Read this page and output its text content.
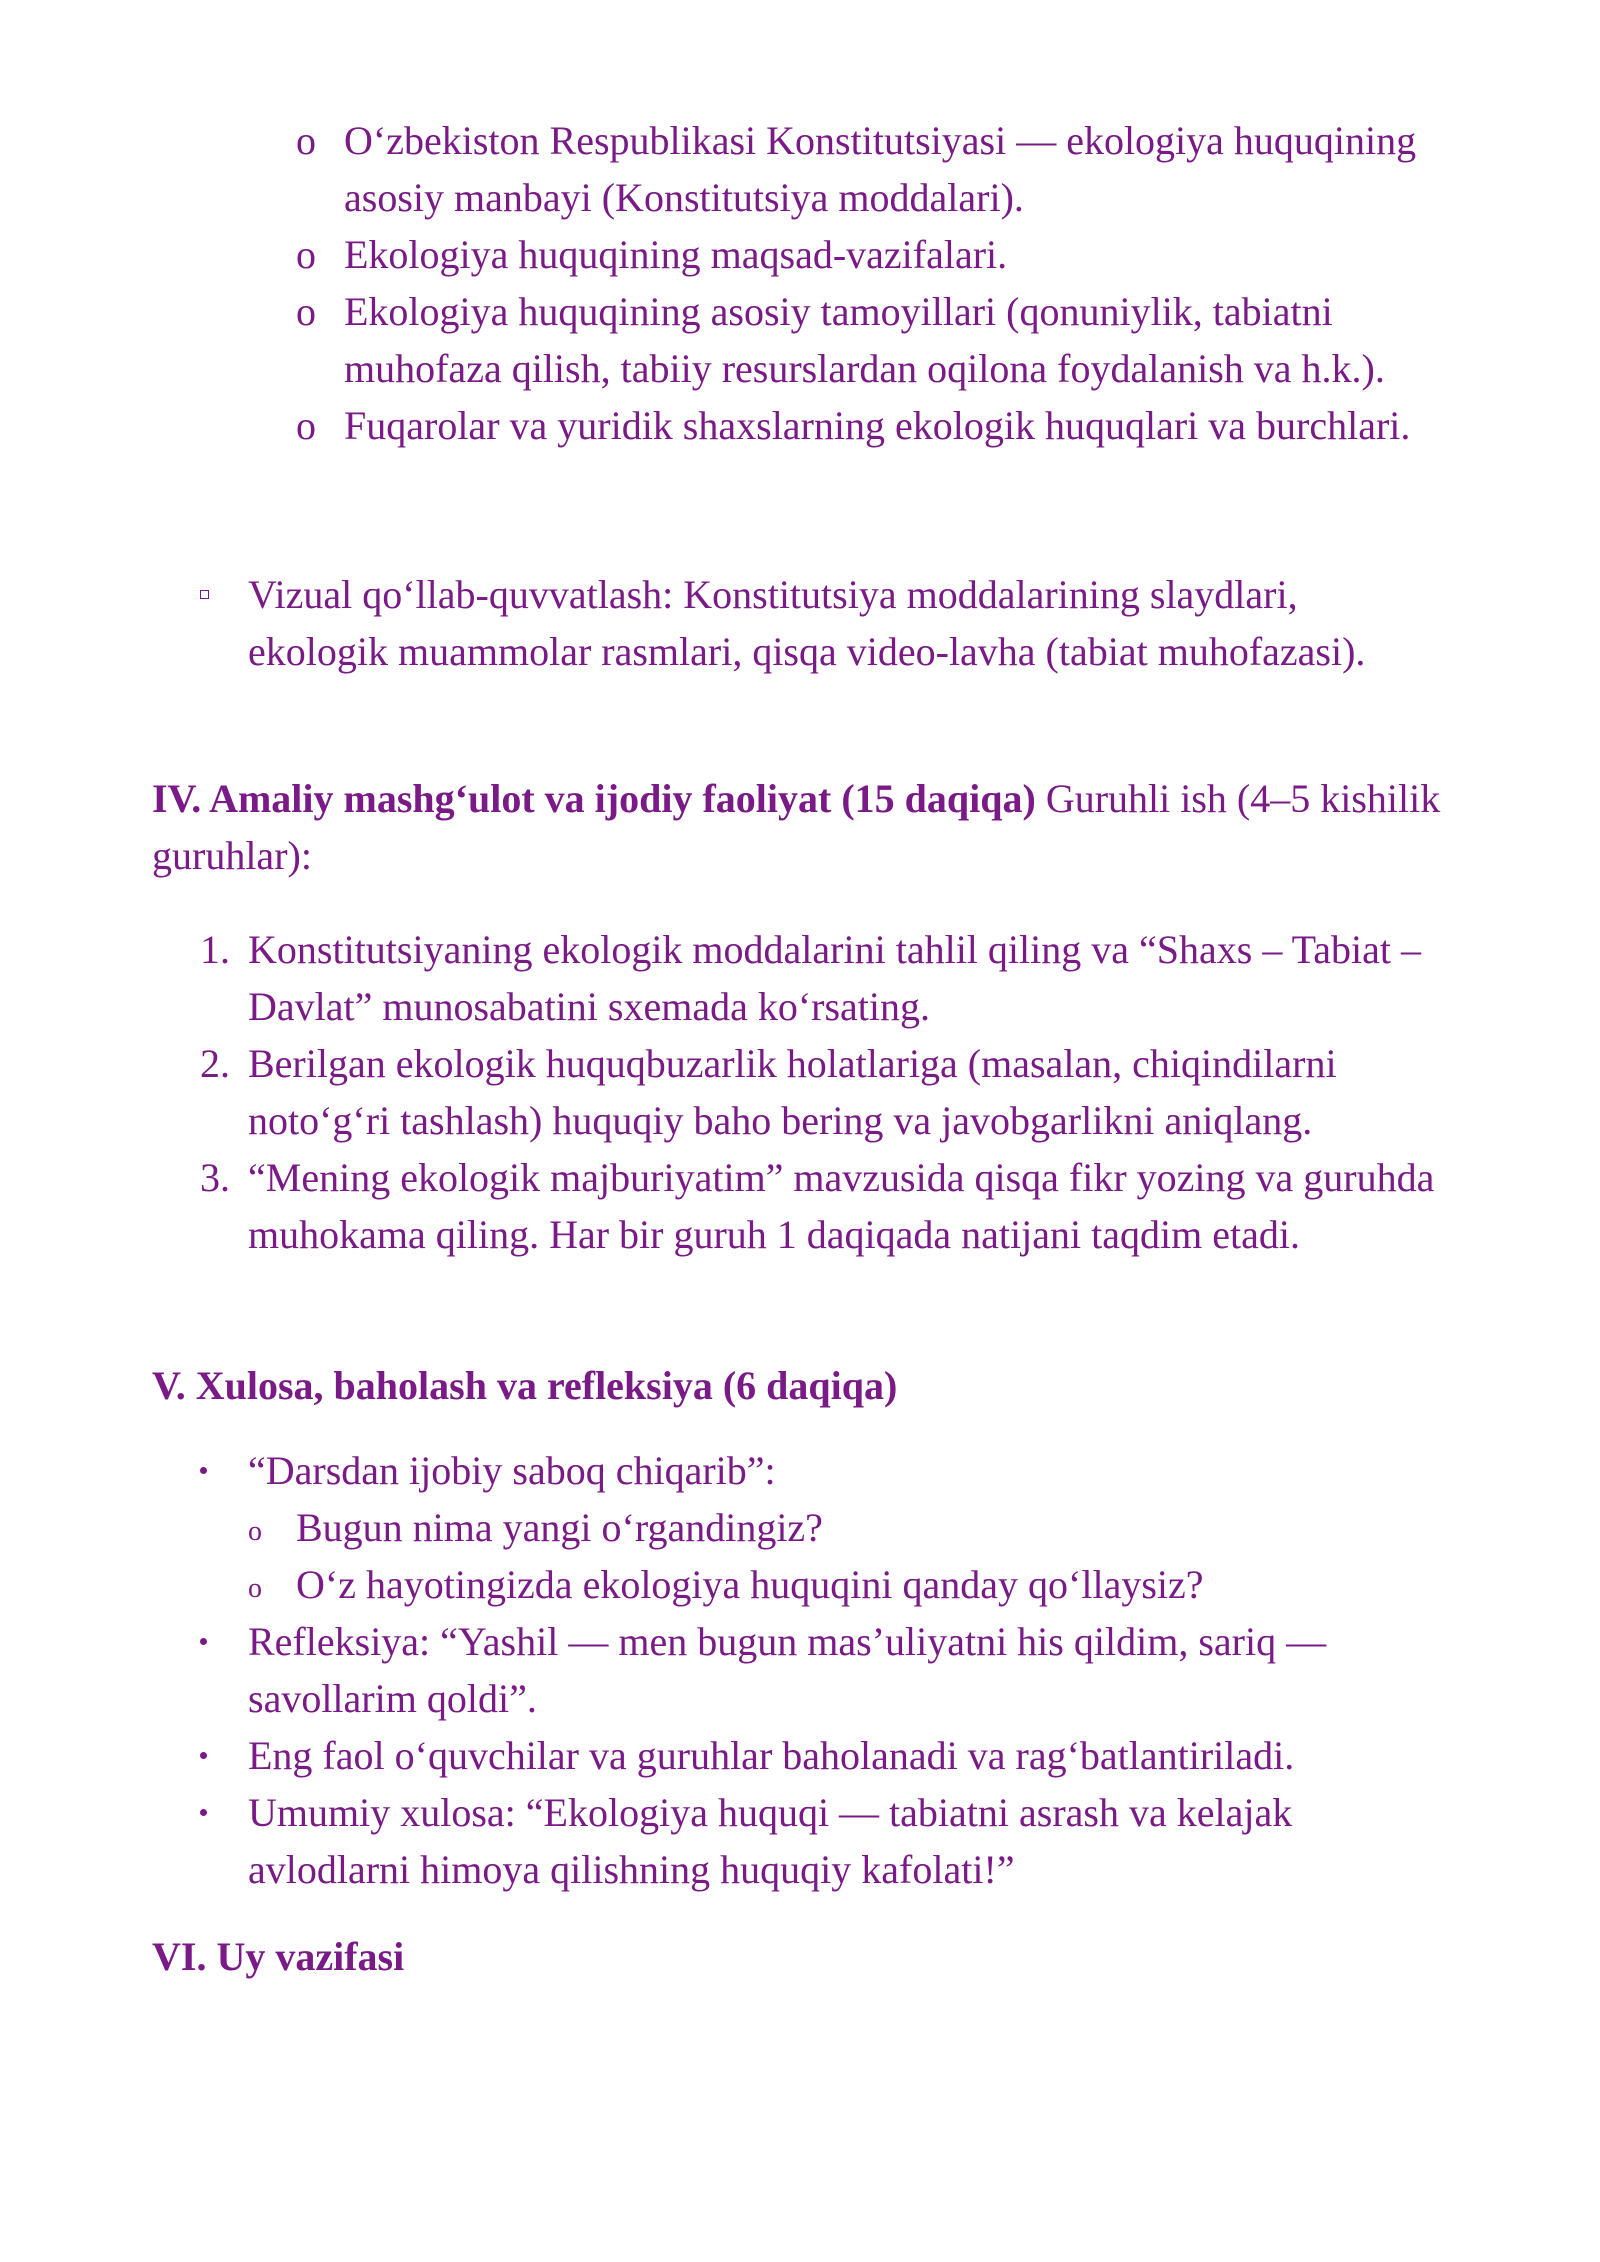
o O‘zbekiston Respublikasi Konstitutsiyasi — ekologiya huquqining asosiy manbayi (Konstitutsiya moddalari).
o Ekologiya huquqining maqsad-vazifalari.
o Ekologiya huquqining asosiy tamoyillari (qonuniylik, tabiatni muhofaza qilish, tabiiy resurslardan oqilona foydalanish va h.k.).
o Fuqarolar va yuridik shaxslarning ekologik huquqlari va burchlari.
Vizual qo‘llab-quvvatlash: Konstitutsiya moddalarining slaydlari, ekologik muammolar rasmlari, qisqa video-lavha (tabiat muhofazasi).
IV. Amaliy mashg‘ulot va ijodiy faoliyat (15 daqiqa) Guruhli ish (4–5 kishilik guruhlar):
1. Konstitutsiyaning ekologik moddalarini tahlil qiling va “Shaxs – Tabiat – Davlat” munosabatini sxemada ko‘rsating.
2. Berilgan ekologik huquqbuzarlik holatlariga (masalan, chiqindilarni noto‘g‘ri tashlash) huquqiy baho bering va javobgarlikni aniqlang.
3. “Mening ekologik majburiyatim” mavzusida qisqa fikr yozing va guruhda muhokama qiling. Har bir guruh 1 daqiqada natijani taqdim etadi.
V. Xulosa, baholash va refleksiya (6 daqiqa)
“Darsdan ijobiy saboq chiqarib”:
o Bugun nima yangi o‘rgandingiz?
o O‘z hayotingizda ekologiya huquqini qanday qo‘llaysiz?
Refleksiya: “Yashil — men bugun mas’uliyatni his qildim, sariq — savollarim qoldi”.
Eng faol o‘quvchilar va guruhlar baholanadi va rag‘batlantiriladi.
Umumiy xulosa: “Ekologiya huquqi — tabiatni asrash va kelajak avlodlarni himoya qilishning huquqiy kafolati!”
VI. Uy vazifasi
